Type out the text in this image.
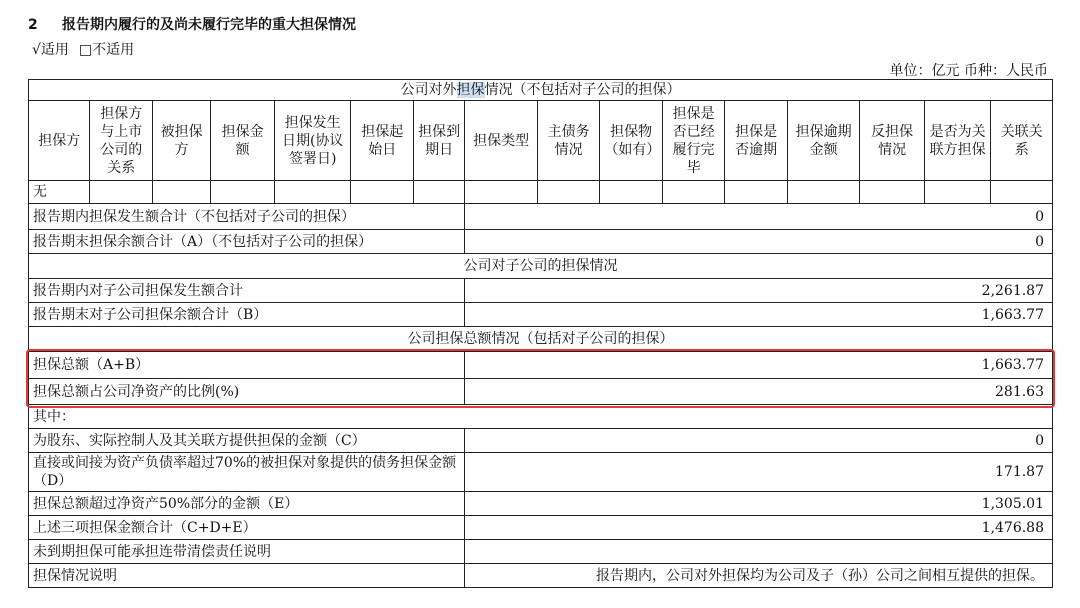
2 报告期内履行的及尚未履行完毕的重大担保情况
√适用 □不适用
单位：亿元 币种：人民币
公司对外担保情况（不包括对子公司的担保）															
担保方	担保方与上市公司的关系	被担保方	担保金额	担保发生日期(协议签署日)	担保起始日	担保到期日	担保类型	主债务情况	担保物（如有）	担保是否已经履行完毕	担保是否逾期	担保逾期金额	反担保情况	是否为关联方担保	关联关系
无															
报告期内担保发生额合计（不包括对子公司的担保）							0								
报告期末担保余额合计（A）（不包括对子公司的担保）							0								
公司对子公司的担保情况															
报告期内对子公司担保发生额合计							2,261.87								
报告期末对子公司担保余额合计（B）							1,663.77								
公司担保总额情况（包括对子公司的担保）															
担保总额（A+B）							1,663.77								
担保总额占公司净资产的比例(%)							281.63								
其中：															
为股东、实际控制人及其关联方提供担保的金额（C）							0								
直接或间接为资产负债率超过70%的被担保对象提供的债务担保金额（D）							171.87								
担保总额超过净资产50%部分的金额（E）							1,305.01								
上述三项担保金额合计（C+D+E）							1,476.88								
未到期担保可能承担连带清偿责任说明															
担保情况说明							报告期内，公司对外担保均为公司及子（孙）公司之间相互提供的担保。								
